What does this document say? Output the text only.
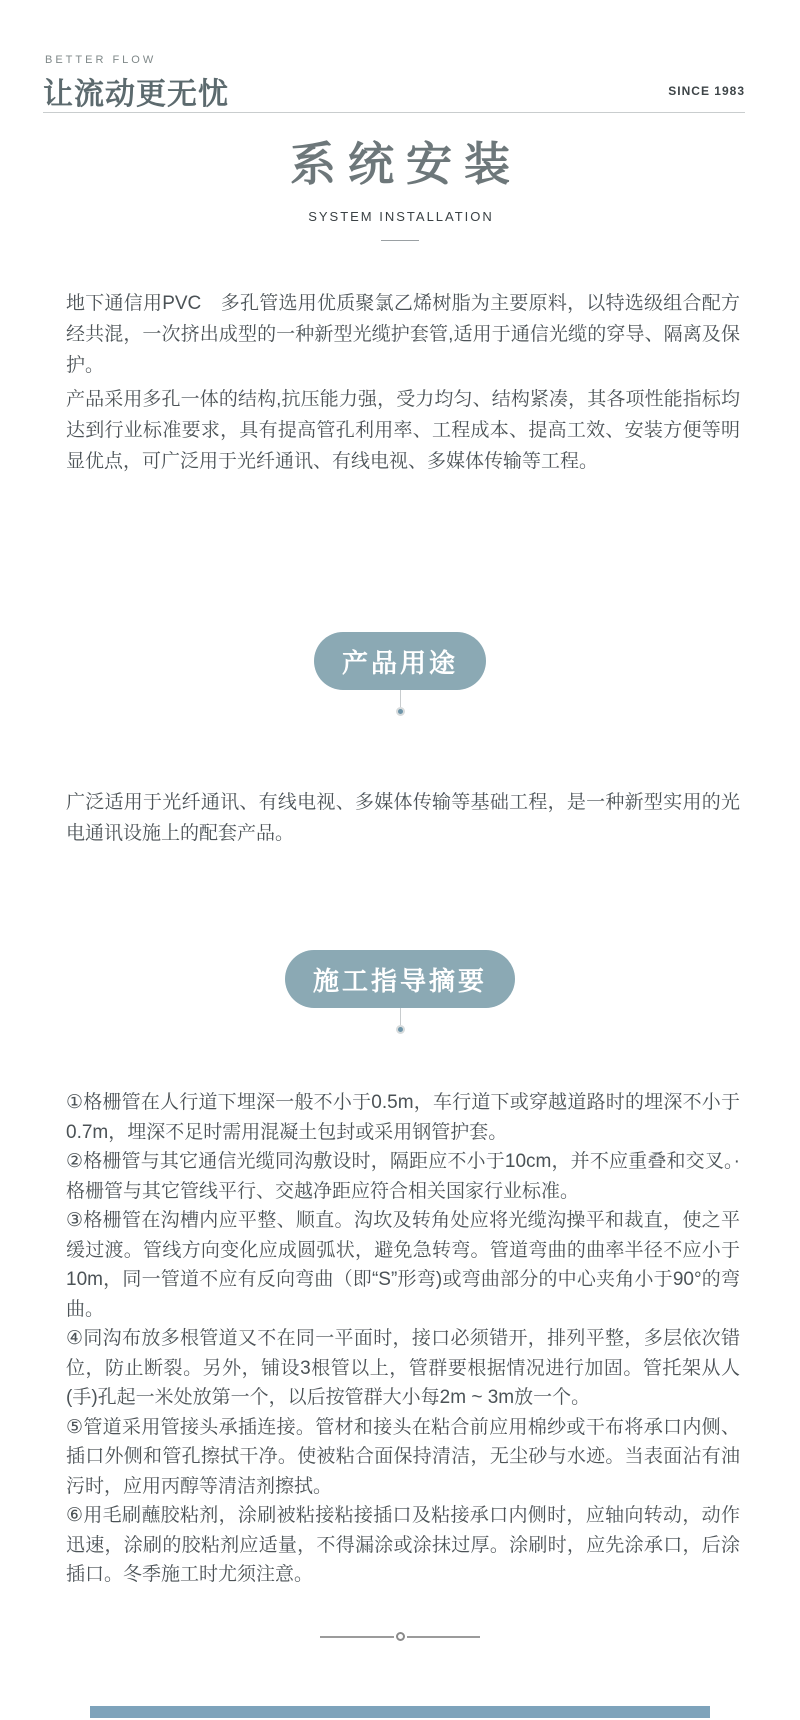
BETTER FLOW
让流动更无忧	SINCE 1983
系统安装
SYSTEM INSTALLATION

地下通信用PVC　多孔管选用优质聚氯乙烯树脂为主要原料，以特选级组合配方经共混，一次挤出成型的一种新型光缆护套管,适用于通信光缆的穿导、隔离及保护。

产品采用多孔一体的结构,抗压能力强，受力均匀、结构紧凑，其各项性能指标均达到行业标准要求，具有提高管孔利用率、工程成本、提高工效、安装方便等明显优点，可广泛用于光纤通讯、有线电视、多媒体传输等工程。

产品用途

广泛适用于光纤通讯、有线电视、多媒体传输等基础工程，是一种新型实用的光电通讯设施上的配套产品。

施工指导摘要

①格栅管在人行道下埋深一般不小于0.5m，车行道下或穿越道路时的埋深不小于0.7m，埋深不足时需用混凝土包封或采用钢管护套。

②格栅管与其它通信光缆同沟敷设时，隔距应不小于10cm，并不应重叠和交叉。·格栅管与其它管线平行、交越净距应符合相关国家行业标准。

③格栅管在沟槽内应平整、顺直。沟坎及转角处应将光缆沟操平和裁直，使之平缓过渡。管线方向变化应成圆弧状，避免急转弯。管道弯曲的曲率半径不应小于10m，同一管道不应有反向弯曲（即“S”形弯)或弯曲部分的中心夹角小于90°的弯曲。

④同沟布放多根管道又不在同一平面时，接口必须错开，排列平整，多层依次错位，防止断裂。另外，铺设3根管以上，管群要根据情况进行加固。管托架从人(手)孔起一米处放第一个，以后按管群大小每2m ~ 3m放一个。

⑤管道采用管接头承插连接。管材和接头在粘合前应用棉纱或干布将承口内侧、插口外侧和管孔擦拭干净。使被粘合面保持清洁，无尘砂与水迹。当表面沾有油污时，应用丙醇等清洁剂擦拭。

⑥用毛刷蘸胶粘剂，涂刷被粘接粘接插口及粘接承口内侧时，应轴向转动，动作迅速，涂刷的胶粘剂应适量，不得漏涂或涂抹过厚。涂刷时，应先涂承口，后涂插口。冬季施工时尤须注意。
